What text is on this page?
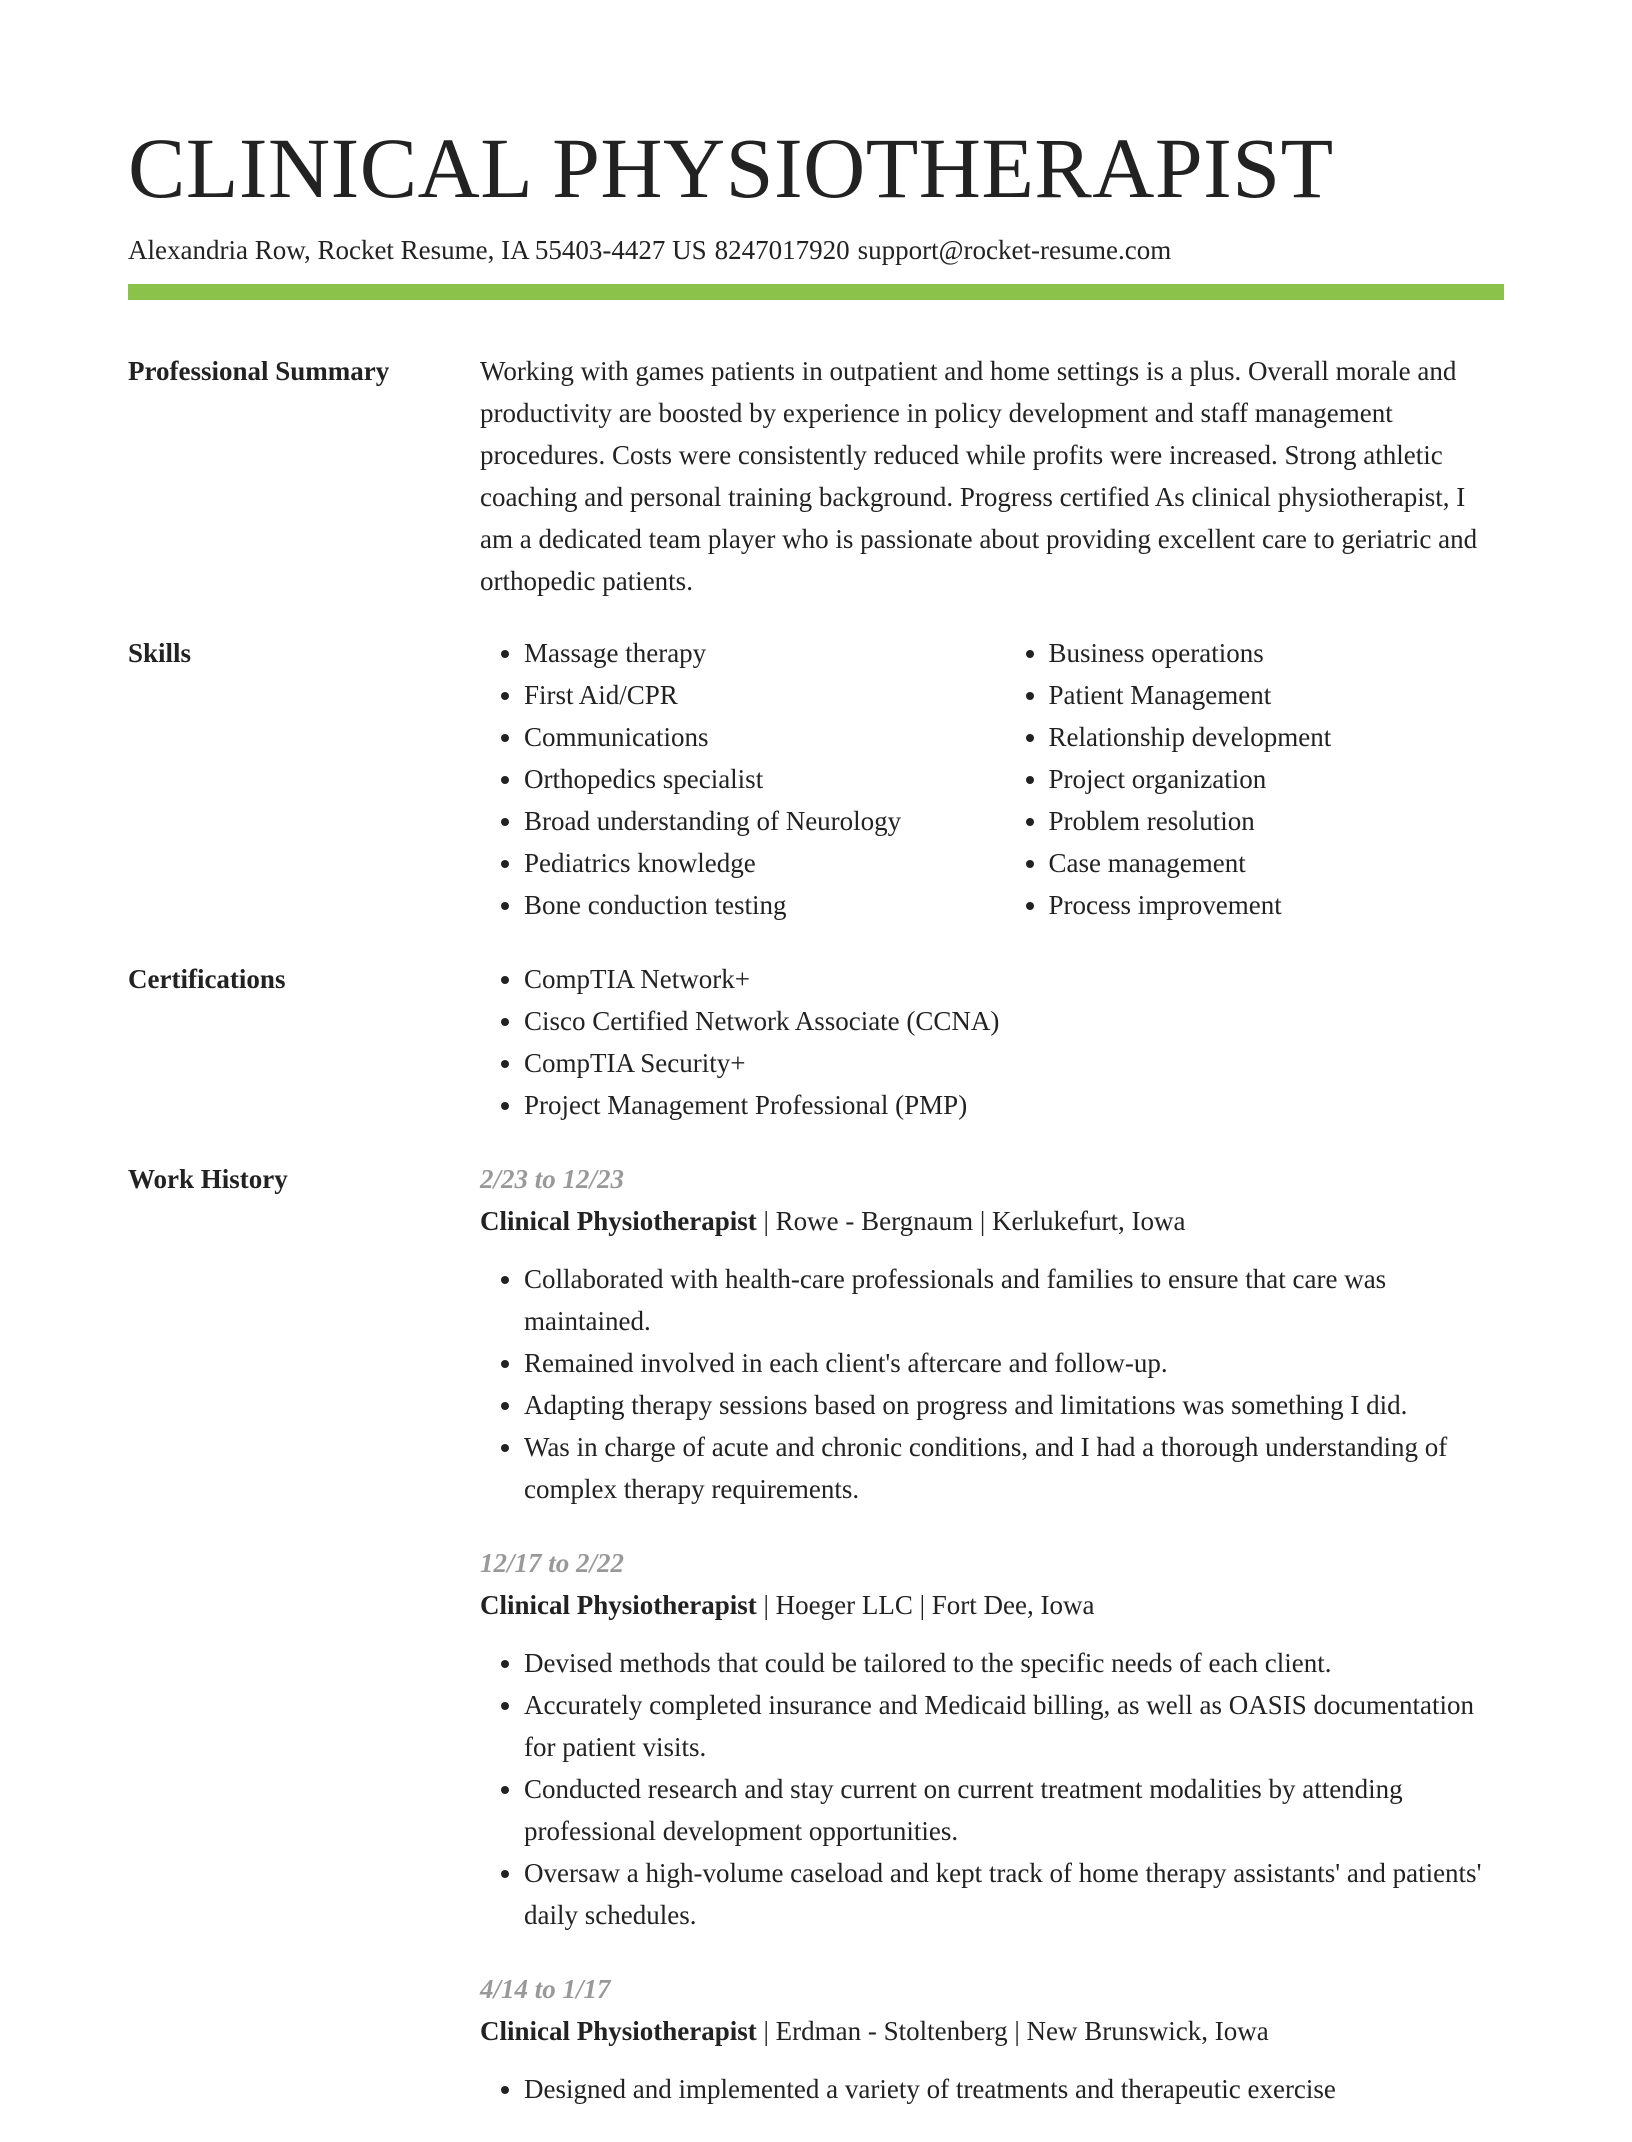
CLINICAL PHYSIOTHERAPIST
Alexandria Row, Rocket Resume, IA 55403-4427 US 8247017920 support@rocket-resume.com
Professional Summary	Working with games patients in outpatient and home settings is a plus. Overall morale and productivity are boosted by experience in policy development and staff management procedures. Costs were consistently reduced while profits were increased. Strong athletic coaching and personal training background. Progress certified As clinical physiotherapist, I am a dedicated team player who is passionate about providing excellent care to geriatric and orthopedic patients.
Skills	• Massage therapy
• First Aid/CPR
• Communications
• Orthopedics specialist
• Broad understanding of Neurology
• Pediatrics knowledge
• Bone conduction testing
• Business operations
• Patient Management
• Relationship development
• Project organization
• Problem resolution
• Case management
• Process improvement
Certifications	• CompTIA Network+
• Cisco Certified Network Associate (CCNA)
• CompTIA Security+
• Project Management Professional (PMP)
Work History	2/23 to 12/23
Clinical Physiotherapist | Rowe - Bergnaum | Kerlukefurt, Iowa
• Collaborated with health-care professionals and families to ensure that care was maintained.
• Remained involved in each client's aftercare and follow-up.
• Adapting therapy sessions based on progress and limitations was something I did.
• Was in charge of acute and chronic conditions, and I had a thorough understanding of complex therapy requirements.
12/17 to 2/22
Clinical Physiotherapist | Hoeger LLC | Fort Dee, Iowa
• Devised methods that could be tailored to the specific needs of each client.
• Accurately completed insurance and Medicaid billing, as well as OASIS documentation for patient visits.
• Conducted research and stay current on current treatment modalities by attending professional development opportunities.
• Oversaw a high-volume caseload and kept track of home therapy assistants' and patients' daily schedules.
4/14 to 1/17
Clinical Physiotherapist | Erdman - Stoltenberg | New Brunswick, Iowa
• Designed and implemented a variety of treatments and therapeutic exercise
